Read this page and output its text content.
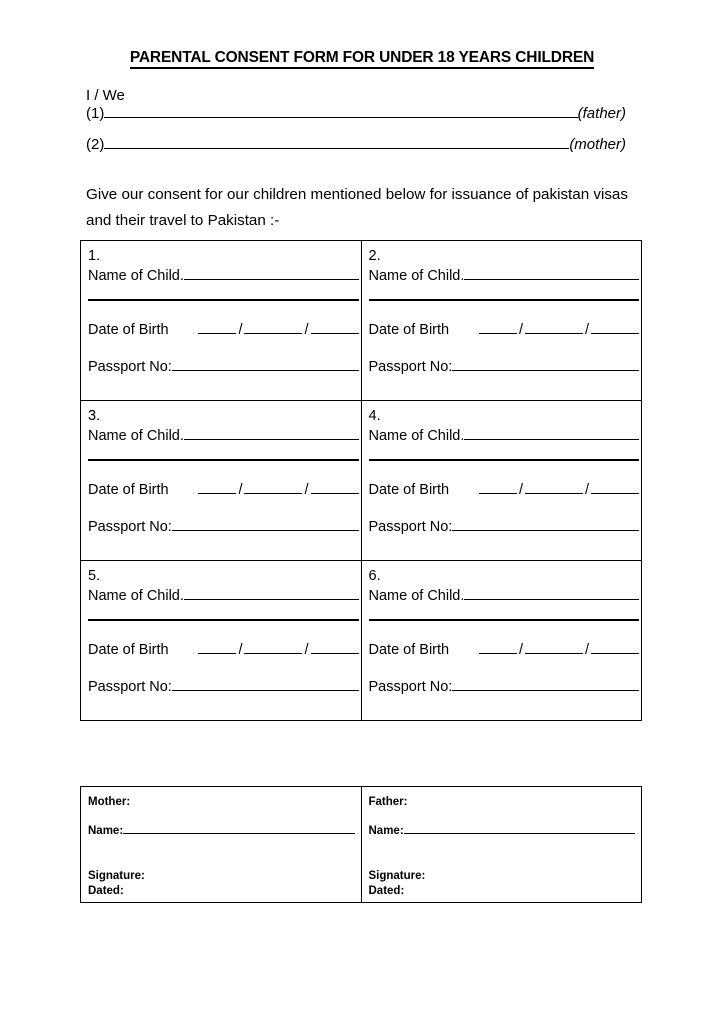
PARENTAL CONSENT FORM FOR UNDER 18 YEARS CHILDREN
I / We
(1)	(father)
(2)	(mother)
Give our consent for our children mentioned below for issuance of pakistan visas and their travel to Pakistan :-
1.
Name of Child.
Date of Birth	/	/
Passport No:

2.
Name of Child.
Date of Birth	/	/
Passport No:

3.
Name of Child.
Date of Birth	/	/
Passport No:

4.
Name of Child.
Date of Birth	/	/
Passport No:

5.
Name of Child.
Date of Birth	/	/
Passport No:

6.
Name of Child.
Date of Birth	/	/
Passport No:
Mother:
Name:
Signature:
Dated:

Father:
Name:
Signature:
Dated:
